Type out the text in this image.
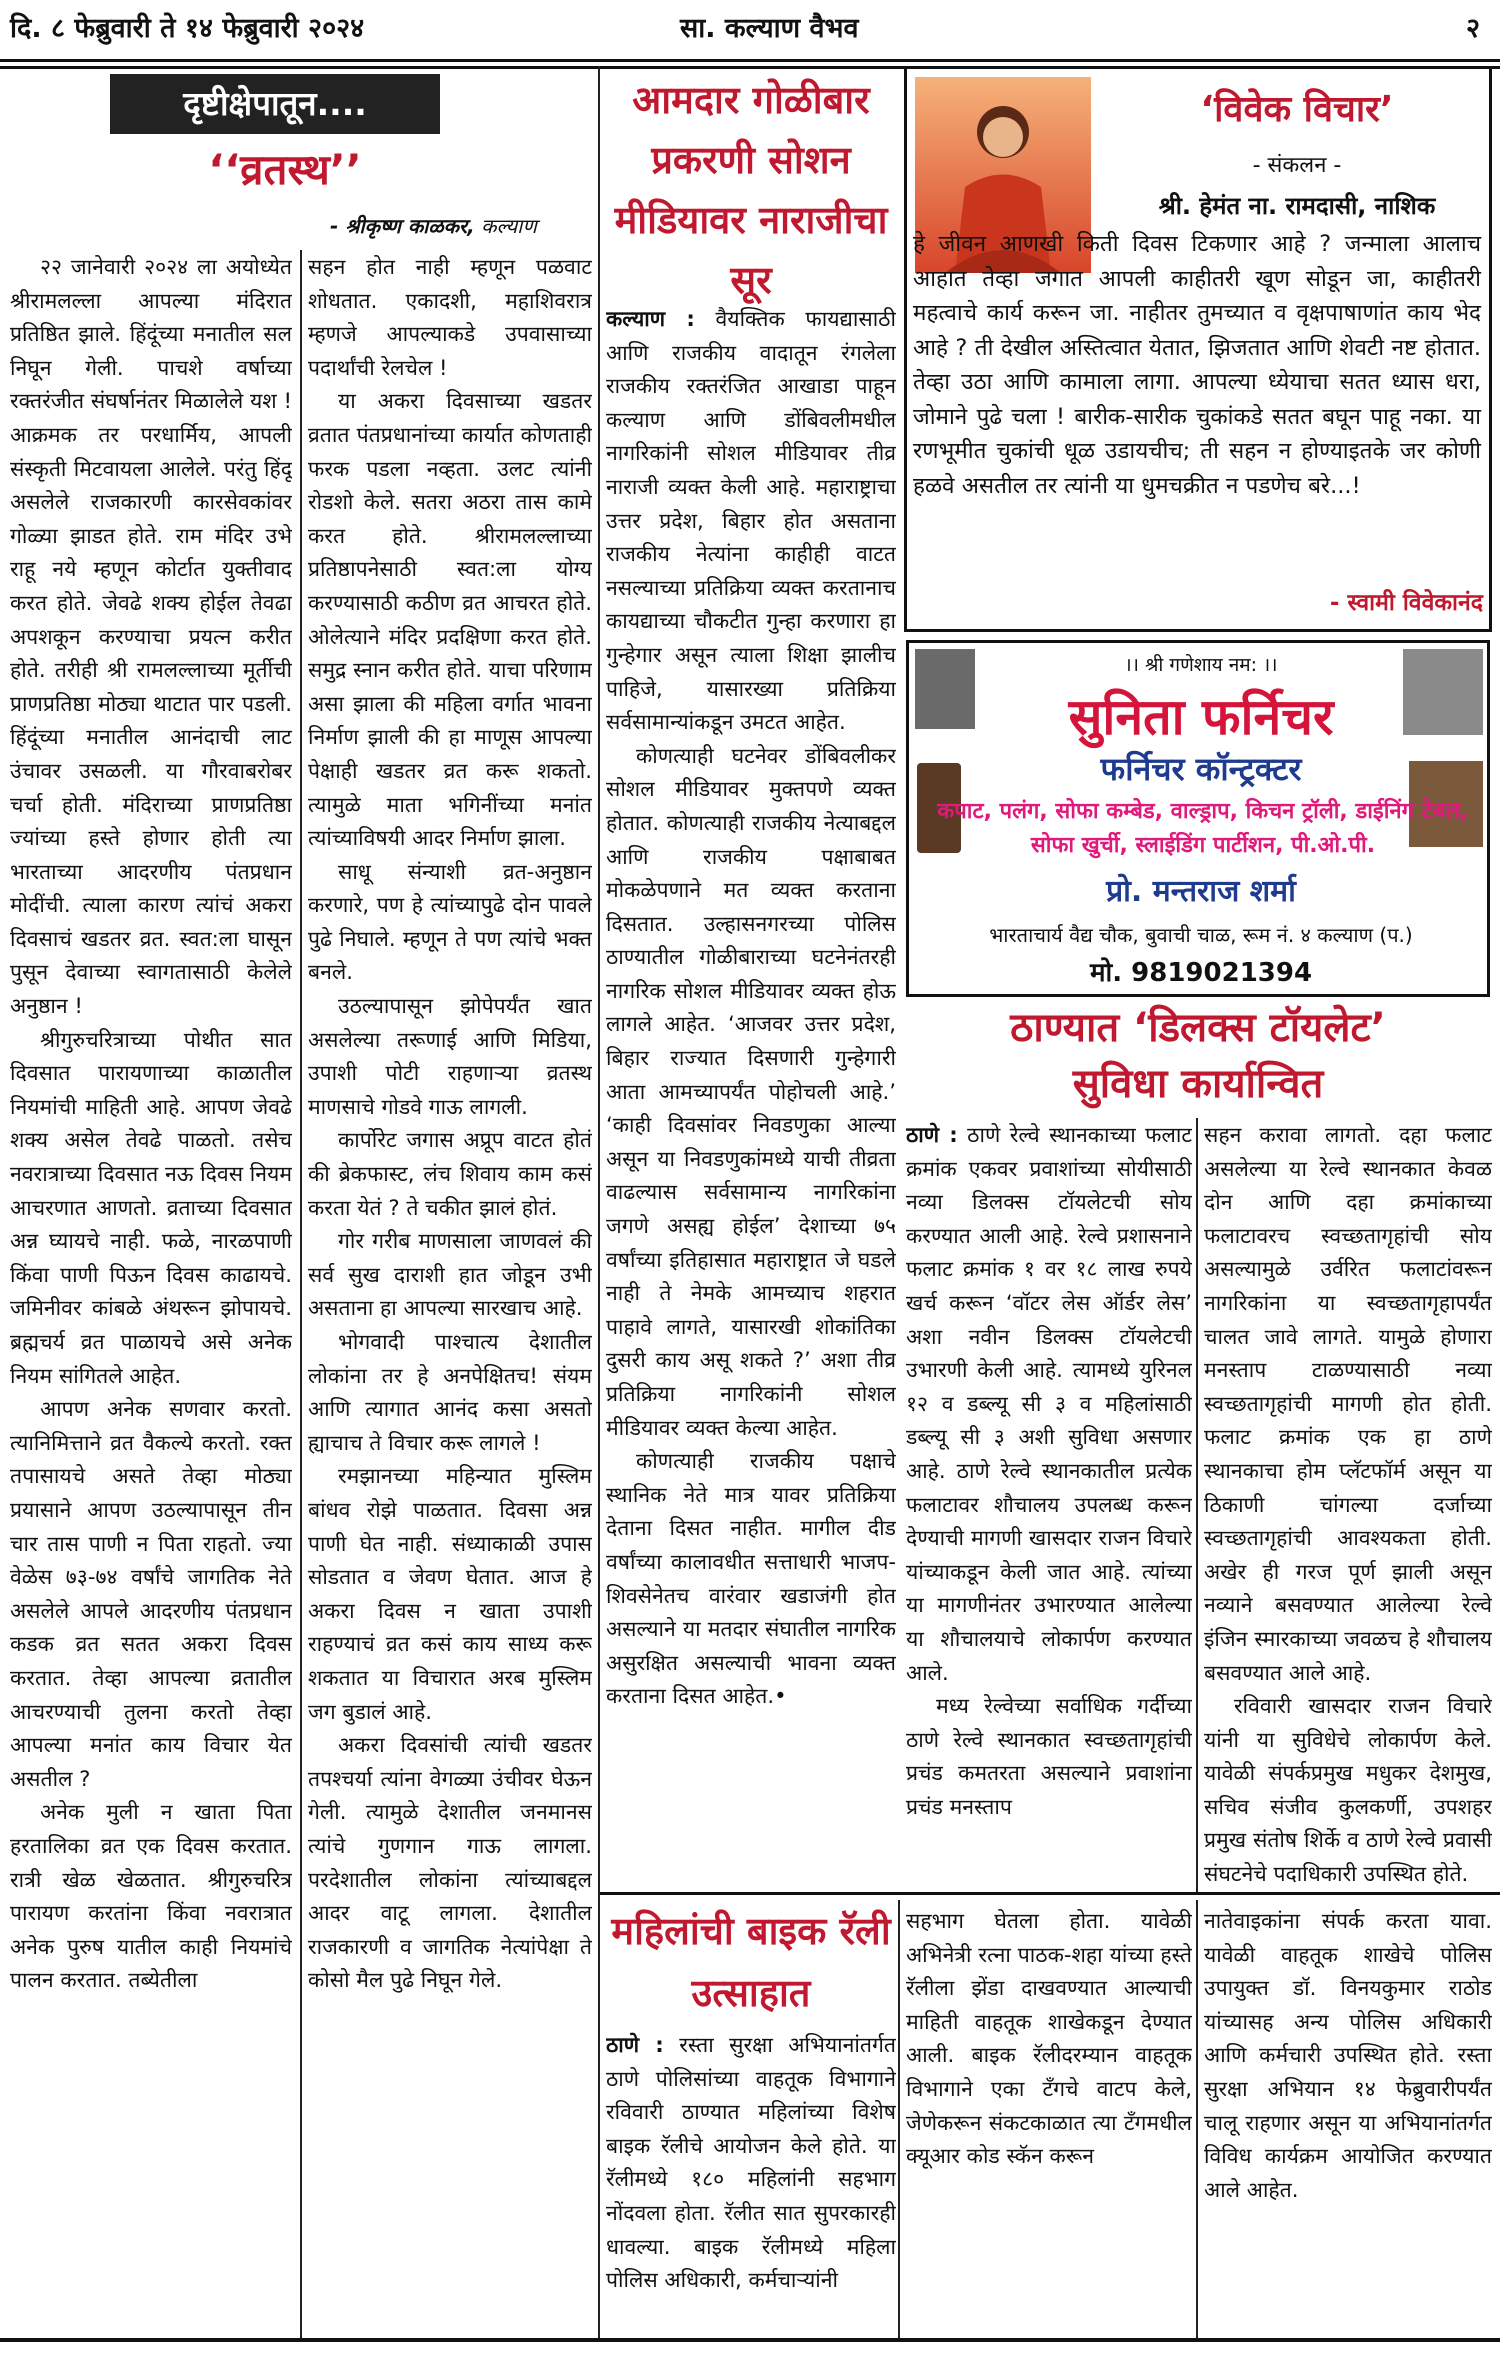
दि. ८ फेब्रुवारी ते १४ फेब्रुवारी २०२४	सा. कल्याण वैभव	२
दृष्टीक्षेपातून....
‘‘व्रतस्थ’’
- श्रीकृष्ण काळकर, कल्याण

२२ जानेवारी २०२४ ला अयोध्येत श्रीरामलल्ला आपल्या मंदिरात प्रतिष्ठित झाले. हिंदूंच्या मनातील सल निघून गेली. पाचशे वर्षाच्या रक्तरंजीत संघर्षानंतर मिळालेले यश ! आक्रमक तर परधार्मिय, आपली संस्कृती मिटवायला आलेले. परंतु हिंदू असलेले राजकारणी कारसेवकांवर गोळ्या झाडत होते. राम मंदिर उभे राहू नये म्हणून कोर्टात युक्तीवाद करत होते. जेवढे शक्य होईल तेवढा अपशकून करण्याचा प्रयत्न करीत होते. तरीही श्री रामलल्लाच्या मूर्तीची प्राणप्रतिष्ठा मोठ्या थाटात पार पडली. हिंदूंच्या मनातील आनंदाची लाट उंचावर उसळली. या गौरवाबरोबर चर्चा होती. मंदिराच्या प्राणप्रतिष्ठा ज्यांच्या हस्ते होणार होती त्या भारताच्या आदरणीय पंतप्रधान मोदींची. त्याला कारण त्यांचं अकरा दिवसाचं खडतर व्रत. स्वत:ला घासून पुसून देवाच्या स्वागतासाठी केलेले अनुष्ठान !

श्रीगुरुचरित्राच्या पोथीत सात दिवसात पारायणाच्या काळातील नियमांची माहिती आहे. आपण जेवढे शक्य असेल तेवढे पाळतो. तसेच नवरात्राच्या दिवसात नऊ दिवस नियम आचरणात आणतो. व्रताच्या दिवसात अन्न घ्यायचे नाही. फळे, नारळपाणी किंवा पाणी पिऊन दिवस काढायचे. जमिनीवर कांबळे अंथरून झोपायचे. ब्रह्मचर्य व्रत पाळायचे असे अनेक नियम सांगितले आहेत.

आपण अनेक सणवार करतो. त्यानिमित्ताने व्रत वैकल्ये करतो. रक्त तपासायचे असते तेव्हा मोठ्या प्रयासाने आपण उठल्यापासून तीन चार तास पाणी न पिता राहतो. ज्या वेळेस ७३-७४ वर्षांचे जागतिक नेते असलेले आपले आदरणीय पंतप्रधान कडक व्रत सतत अकरा दिवस करतात. तेव्हा आपल्या व्रतातील आचरण्याची तुलना करतो तेव्हा आपल्या मनांत काय विचार येत असतील ?

अनेक मुली न खाता पिता हरतालिका व्रत एक दिवस करतात. रात्री खेळ खेळतात. श्रीगुरुचरित्र पारायण करतांना किंवा नवरात्रात अनेक पुरुष यातील काही नियमांचे पालन करतात. तब्येतीला

सहन होत नाही म्हणून पळवाट शोधतात. एकादशी, महाशिवरात्र म्हणजे आपल्याकडे उपवासाच्या पदार्थांची रेलचेल !

या अकरा दिवसाच्या खडतर व्रतात पंतप्रधानांच्या कार्यात कोणताही फरक पडला नव्हता. उलट त्यांनी रोडशो केले. सतरा अठरा तास कामे करत होते. श्रीरामलल्लाच्या प्रतिष्ठापनेसाठी स्वत:ला योग्य करण्यासाठी कठीण व्रत आचरत होते. ओलेत्याने मंदिर प्रदक्षिणा करत होते. समुद्र स्नान करीत होते. याचा परिणाम असा झाला की महिला वर्गात भावना निर्माण झाली की हा माणूस आपल्या पेक्षाही खडतर व्रत करू शकतो. त्यामुळे माता भगिनींच्या मनांत त्यांच्याविषयी आदर निर्माण झाला.

साधू संन्याशी व्रत-अनुष्ठान करणारे, पण हे त्यांच्यापुढे दोन पावले पुढे निघाले. म्हणून ते पण त्यांचे भक्त बनले.

उठल्यापासून झोपेपर्यंत खात असलेल्या तरूणाई आणि मिडिया, उपाशी पोटी राहणाऱ्या व्रतस्थ माणसाचे गोडवे गाऊ लागली.

कार्पोरेट जगास अप्रूप वाटत होतं की ब्रेकफास्ट, लंच शिवाय काम कसं करता येतं ? ते चकीत झालं होतं.

गोर गरीब माणसाला जाणवलं की सर्व सुख दाराशी हात जोडून उभी असताना हा आपल्या सारखाच आहे.

भोगवादी पाश्चात्य देशातील लोकांना तर हे अनपेक्षितच! संयम आणि त्यागात आनंद कसा असतो ह्याचाच ते विचार करू लागले !

रमझानच्या महिन्यात मुस्लिम बांधव रोझे पाळतात. दिवसा अन्न पाणी घेत नाही. संध्याकाळी उपास सोडतात व जेवण घेतात. आज हे अकरा दिवस न खाता उपाशी राहण्याचं व्रत कसं काय साध्य करू शकतात या विचारात अरब मुस्लिम जग बुडालं आहे.

अकरा दिवसांची त्यांची खडतर तपश्चर्या त्यांना वेगळ्या उंचीवर घेऊन गेली. त्यामुळे देशातील जनमानस त्यांचे गुणगान गाऊ लागला. परदेशातील लोकांना त्यांच्याबद्दल आदर वाटू लागला. देशातील राजकारणी व जागतिक नेत्यांपेक्षा ते कोसो मैल पुढे निघून गेले.

आमदार गोळीबार प्रकरणी सोशन मीडियावर नाराजीचा सूर

कल्याण : वैयक्तिक फायद्यासाठी आणि राजकीय वादातून रंगलेला राजकीय रक्तरंजित आखाडा पाहून कल्याण आणि डोंबिवलीमधील नागरिकांनी सोशल मीडियावर तीव्र नाराजी व्यक्त केली आहे. महाराष्ट्राचा उत्तर प्रदेश, बिहार होत असताना राजकीय नेत्यांना काहीही वाटत नसल्याच्या प्रतिक्रिया व्यक्त करतानाच कायद्याच्या चौकटीत गुन्हा करणारा हा गुन्हेगार असून त्याला शिक्षा झालीच पाहिजे, यासारख्या प्रतिक्रिया सर्वसामान्यांकडून उमटत आहेत.

कोणत्याही घटनेवर डोंबिवलीकर सोशल मीडियावर मुक्तपणे व्यक्त होतात. कोणत्याही राजकीय नेत्याबद्दल आणि राजकीय पक्षाबाबत मोकळेपणाने मत व्यक्त करताना दिसतात. उल्हासनगरच्या पोलिस ठाण्यातील गोळीबाराच्या घटनेनंतरही नागरिक सोशल मीडियावर व्यक्त होऊ लागले आहेत. ‘आजवर उत्तर प्रदेश, बिहार राज्यात दिसणारी गुन्हेगारी आता आमच्यापर्यंत पोहोचली आहे.’ ‘काही दिवसांवर निवडणुका आल्या असून या निवडणुकांमध्ये याची तीव्रता वाढल्यास सर्वसामान्य नागरिकांना जगणे असह्य होईल’ देशाच्या ७५ वर्षांच्या इतिहासात महाराष्ट्रात जे घडले नाही ते नेमके आमच्याच शहरात पाहावे लागते, यासारखी शोकांतिका दुसरी काय असू शकते ?’ अशा तीव्र प्रतिक्रिया नागरिकांनी सोशल मीडियावर व्यक्त केल्या आहेत.

कोणत्याही राजकीय पक्षाचे स्थानिक नेते मात्र यावर प्रतिक्रिया देताना दिसत नाहीत. मागील दीड वर्षांच्या कालावधीत सत्ताधारी भाजप-शिवसेनेतच वारंवार खडाजंगी होत असल्याने या मतदार संघातील नागरिक असुरक्षित असल्याची भावना व्यक्त करताना दिसत आहेत.•

महिलांची बाइक रॅली उत्साहात

ठाणे : रस्ता सुरक्षा अभियानांतर्गत ठाणे पोलिसांच्या वाहतूक विभागाने रविवारी ठाण्यात महिलांच्या विशेष बाइक रॅलीचे आयोजन केले होते. या रॅलीमध्ये १८० महिलांनी सहभाग नोंदवला होता. रॅलीत सात सुपरकारही धावल्या. बाइक रॅलीमध्ये महिला पोलिस अधिकारी, कर्मचाऱ्यांनी

सहभाग घेतला होता. यावेळी अभिनेत्री रत्ना पाठक-शहा यांच्या हस्ते रॅलीला झेंडा दाखवण्यात आल्याची माहिती वाहतूक शाखेकडून देण्यात आली. बाइक रॅलीदरम्यान वाहतूक विभागाने एका टँगचे वाटप केले, जेणेकरून संकटकाळात त्या टँगमधील क्यूआर कोड स्कॅन करून

नातेवाइकांना संपर्क करता यावा. यावेळी वाहतूक शाखेचे पोलिस उपायुक्त डॉ. विनयकुमार राठोड यांच्यासह अन्य पोलिस अधिकारी आणि कर्मचारी उपस्थित होते. रस्ता सुरक्षा अभियान १४ फेब्रुवारीपर्यंत चालू राहणार असून या अभियानांतर्गत विविध कार्यक्रम आयोजित करण्यात आले आहेत.

‘विवेक विचार’
- संकलन -
श्री. हेमंत ना. रामदासी, नाशिक
हे जीवन आणखी किती दिवस टिकणार आहे ? जन्माला आलाच आहात तेव्हा जगात आपली काहीतरी खूण सोडून जा, काहीतरी महत्वाचे कार्य करून जा. नाहीतर तुमच्यात व वृक्षपाषाणांत काय भेद आहे ? ती देखील अस्तित्वात येतात, झिजतात आणि शेवटी नष्ट होतात. तेव्हा उठा आणि कामाला लागा. आपल्या ध्येयाचा सतत ध्यास धरा, जोमाने पुढे चला ! बारीक-सारीक चुकांकडे सतत बघून पाहू नका. या रणभूमीत चुकांची धूळ उडायचीच; ती सहन न होण्याइतके जर कोणी हळवे असतील तर त्यांनी या धुमचक्रीत न पडणेच बरे...!
- स्वामी विवेकानंद
।। श्री गणेशाय नम: ।।
सुनिता फर्निचर
फर्निचर कॉन्ट्रक्टर
कपाट, पलंग, सोफा कम्बेड, वाल्ड्राप, किचन ट्रॉली, डाईनिंग टेबल, सोफा खुर्ची, स्लाईडिंग पार्टीशन, पी.ओ.पी.
प्रो. मन्तराज शर्मा
भारताचार्य वैद्य चौक, बुवाची चाळ, रूम नं. ४ कल्याण (प.)
मो. 9819021394
ठाण्यात ‘डिलक्स टॉयलेट’
सुविधा कार्यान्वित

ठाणे : ठाणे रेल्वे स्थानकाच्या फलाट क्रमांक एकवर प्रवाशांच्या सोयीसाठी नव्या डिलक्स टॉयलेटची सोय करण्यात आली आहे. रेल्वे प्रशासनाने फलाट क्रमांक १ वर १८ लाख रुपये खर्च करून ‘वॉटर लेस ऑर्डर लेस’ अशा नवीन डिलक्स टॉयलेटची उभारणी केली आहे. त्यामध्ये युरिनल १२ व डब्ल्यू सी ३ व महिलांसाठी डब्ल्यू सी ३ अशी सुविधा असणार आहे. ठाणे रेल्वे स्थानकातील प्रत्येक फलाटावर शौचालय उपलब्ध करून देण्याची मागणी खासदार राजन विचारे यांच्याकडून केली जात आहे. त्यांच्या या मागणीनंतर उभारण्यात आलेल्या या शौचालयाचे लोकार्पण करण्यात आले.

मध्य रेल्वेच्या सर्वाधिक गर्दीच्या ठाणे रेल्वे स्थानकात स्वच्छतागृहांची प्रचंड कमतरता असल्याने प्रवाशांना प्रचंड मनस्ताप

सहन करावा लागतो. दहा फलाट असलेल्या या रेल्वे स्थानकात केवळ दोन आणि दहा क्रमांकाच्या फलाटावरच स्वच्छतागृहांची सोय असल्यामुळे उर्वरित फलाटांवरून नागरिकांना या स्वच्छतागृहापर्यंत चालत जावे लागते. यामुळे होणारा मनस्ताप टाळण्यासाठी नव्या स्वच्छतागृहांची मागणी होत होती. फलाट क्रमांक एक हा ठाणे स्थानकाचा होम प्लॅटफॉर्म असून या ठिकाणी चांगल्या दर्जाच्या स्वच्छतागृहांची आवश्यकता होती. अखेर ही गरज पूर्ण झाली असून नव्याने बसवण्यात आलेल्या रेल्वे इंजिन स्मारकाच्या जवळच हे शौचालय बसवण्यात आले आहे.

रविवारी खासदार राजन विचारे यांनी या सुविधेचे लोकार्पण केले. यावेळी संपर्कप्रमुख मधुकर देशमुख, सचिव संजीव कुलकर्णी, उपशहर प्रमुख संतोष शिर्के व ठाणे रेल्वे प्रवासी संघटनेचे पदाधिकारी उपस्थित होते.
